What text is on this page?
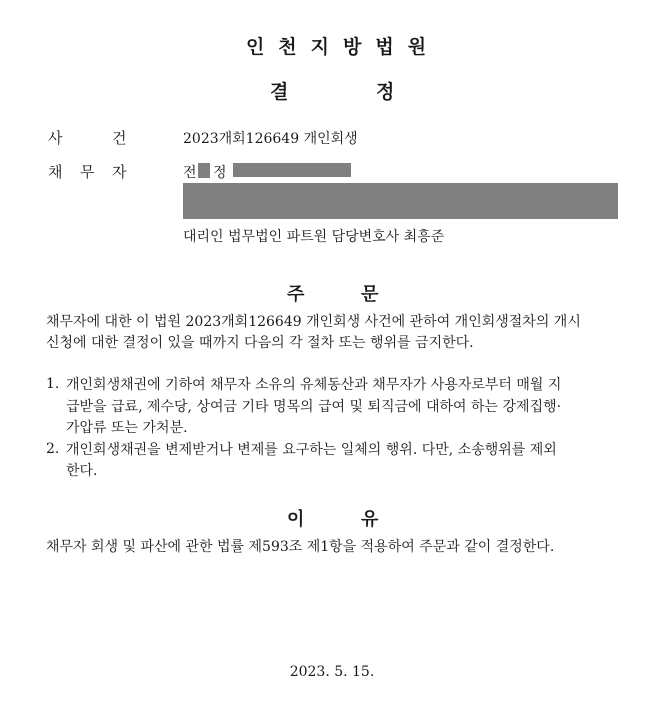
인천지방법원
결	정
사	건	2023개회126649 개인회생
채 무 자	전 정
대리인 법무법인 파트원 담당변호사 최흥준
주	문
채무자에 대한 이 법원 2023개회126649 개인회생 사건에 관하여 개인회생절차의 개시
신청에 대한 결정이 있을 때까지 다음의 각 절차 또는 행위를 금지한다.
1. 개인회생채권에 기하여 채무자 소유의 유체동산과 채무자가 사용자로부터 매월 지
급받을 급료, 제수당, 상여금 기타 명목의 급여 및 퇴직금에 대하여 하는 강제집행·
가압류 또는 가처분.
2. 개인회생채권을 변제받거나 변제를 요구하는 일체의 행위. 다만, 소송행위를 제외
한다.
이	유
채무자 회생 및 파산에 관한 법률 제593조 제1항을 적용하여 주문과 같이 결정한다.
2023. 5. 15.
